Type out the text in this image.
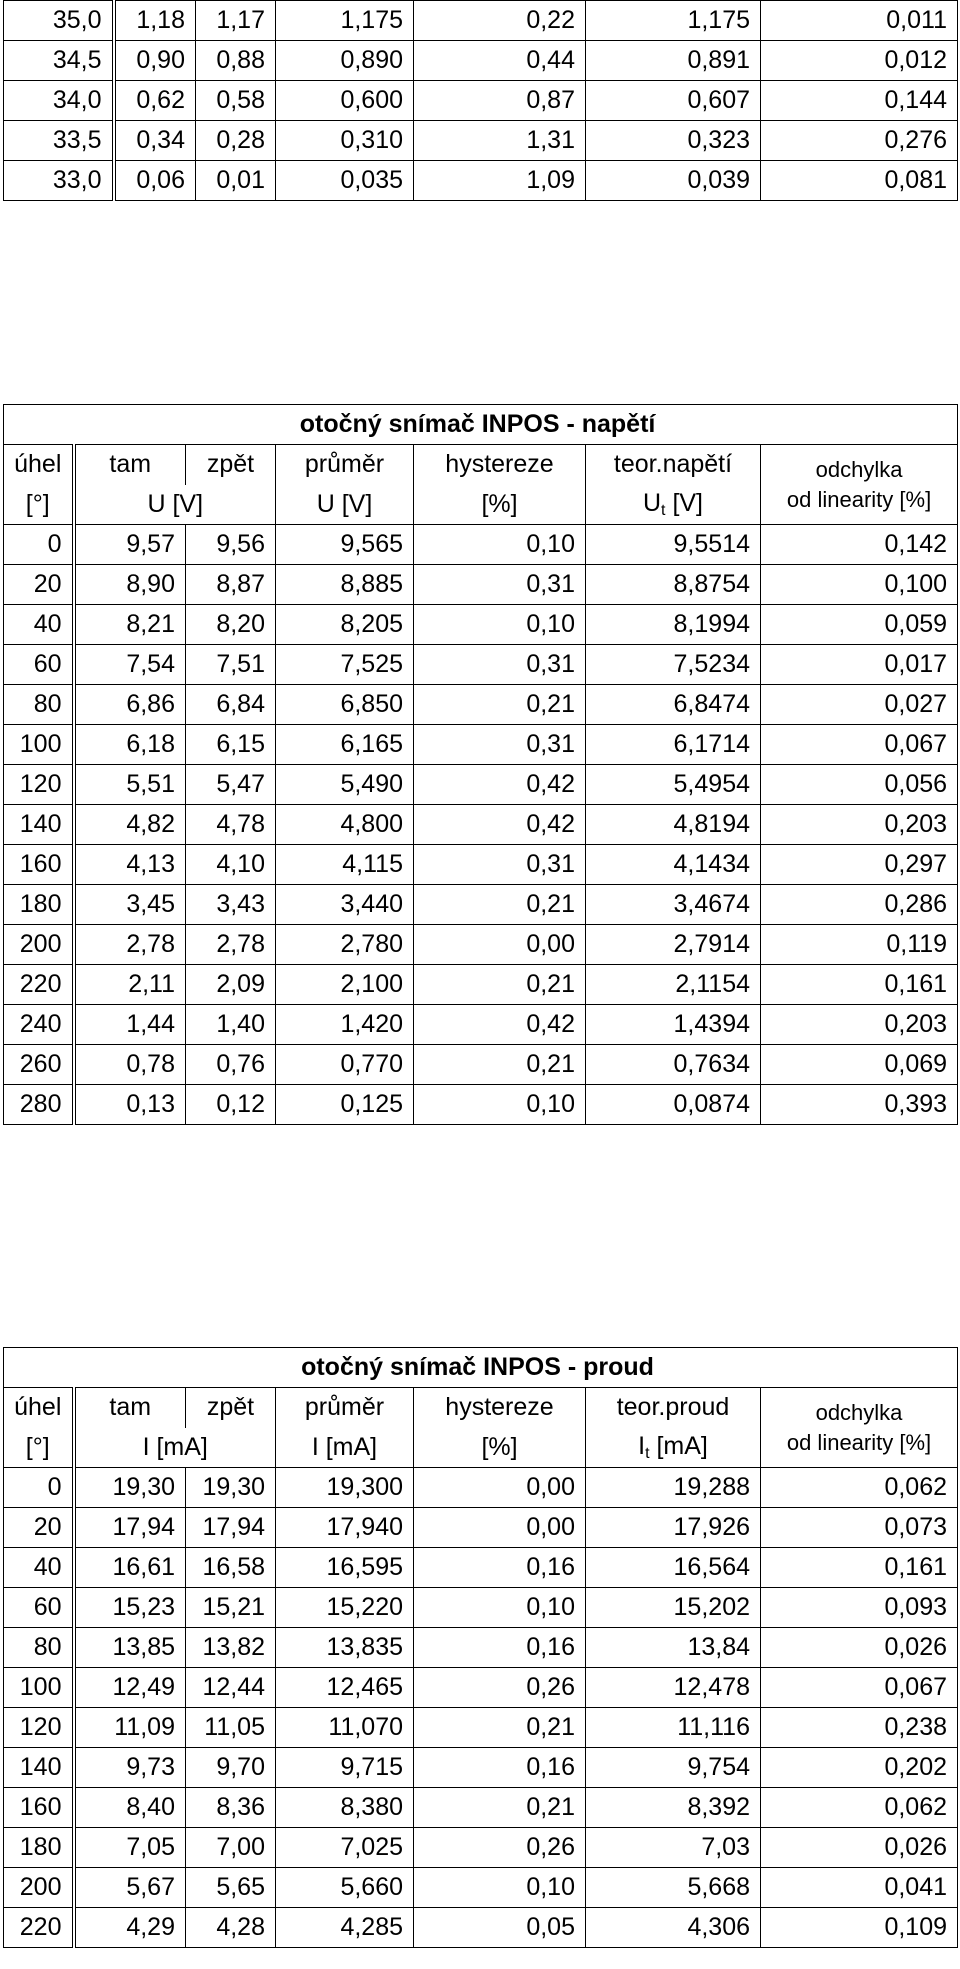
35,0	1,18	1,17	1,175	0,22	1,175	0,011
34,5	0,90	0,88	0,890	0,44	0,891	0,012
34,0	0,62	0,58	0,600	0,87	0,607	0,144
33,5	0,34	0,28	0,310	1,31	0,323	0,276
33,0	0,06	0,01	0,035	1,09	0,039	0,081
otočný snímač INPOS - napětí						
úhel	tam	zpět	průměr	hystereze	teor.napětí	odchylka
od linearity [%]

[°]	U [V]		U [V]	[%]	$U_t$ [V]	
0	9,57	9,56	9,565	0,10	9,5514	0,142
20	8,90	8,87	8,885	0,31	8,8754	0,100
40	8,21	8,20	8,205	0,10	8,1994	0,059
60	7,54	7,51	7,525	0,31	7,5234	0,017
80	6,86	6,84	6,850	0,21	6,8474	0,027
100	6,18	6,15	6,165	0,31	6,1714	0,067
120	5,51	5,47	5,490	0,42	5,4954	0,056
140	4,82	4,78	4,800	0,42	4,8194	0,203
160	4,13	4,10	4,115	0,31	4,1434	0,297
180	3,45	3,43	3,440	0,21	3,4674	0,286
200	2,78	2,78	2,780	0,00	2,7914	0,119
220	2,11	2,09	2,100	0,21	2,1154	0,161
240	1,44	1,40	1,420	0,42	1,4394	0,203
260	0,78	0,76	0,770	0,21	0,7634	0,069
280	0,13	0,12	0,125	0,10	0,0874	0,393
otočný snímač INPOS - proud						
úhel	tam	zpět	průměr	hystereze	teor.proud	odchylka
od linearity [%]

[°]	I [mA]		I [mA]	[%]	$I_t$ [mA]	
0	19,30	19,30	19,300	0,00	19,288	0,062
20	17,94	17,94	17,940	0,00	17,926	0,073
40	16,61	16,58	16,595	0,16	16,564	0,161
60	15,23	15,21	15,220	0,10	15,202	0,093
80	13,85	13,82	13,835	0,16	13,84	0,026
100	12,49	12,44	12,465	0,26	12,478	0,067
120	11,09	11,05	11,070	0,21	11,116	0,238
140	9,73	9,70	9,715	0,16	9,754	0,202
160	8,40	8,36	8,380	0,21	8,392	0,062
180	7,05	7,00	7,025	0,26	7,03	0,026
200	5,67	5,65	5,660	0,10	5,668	0,041
220	4,29	4,28	4,285	0,05	4,306	0,109
